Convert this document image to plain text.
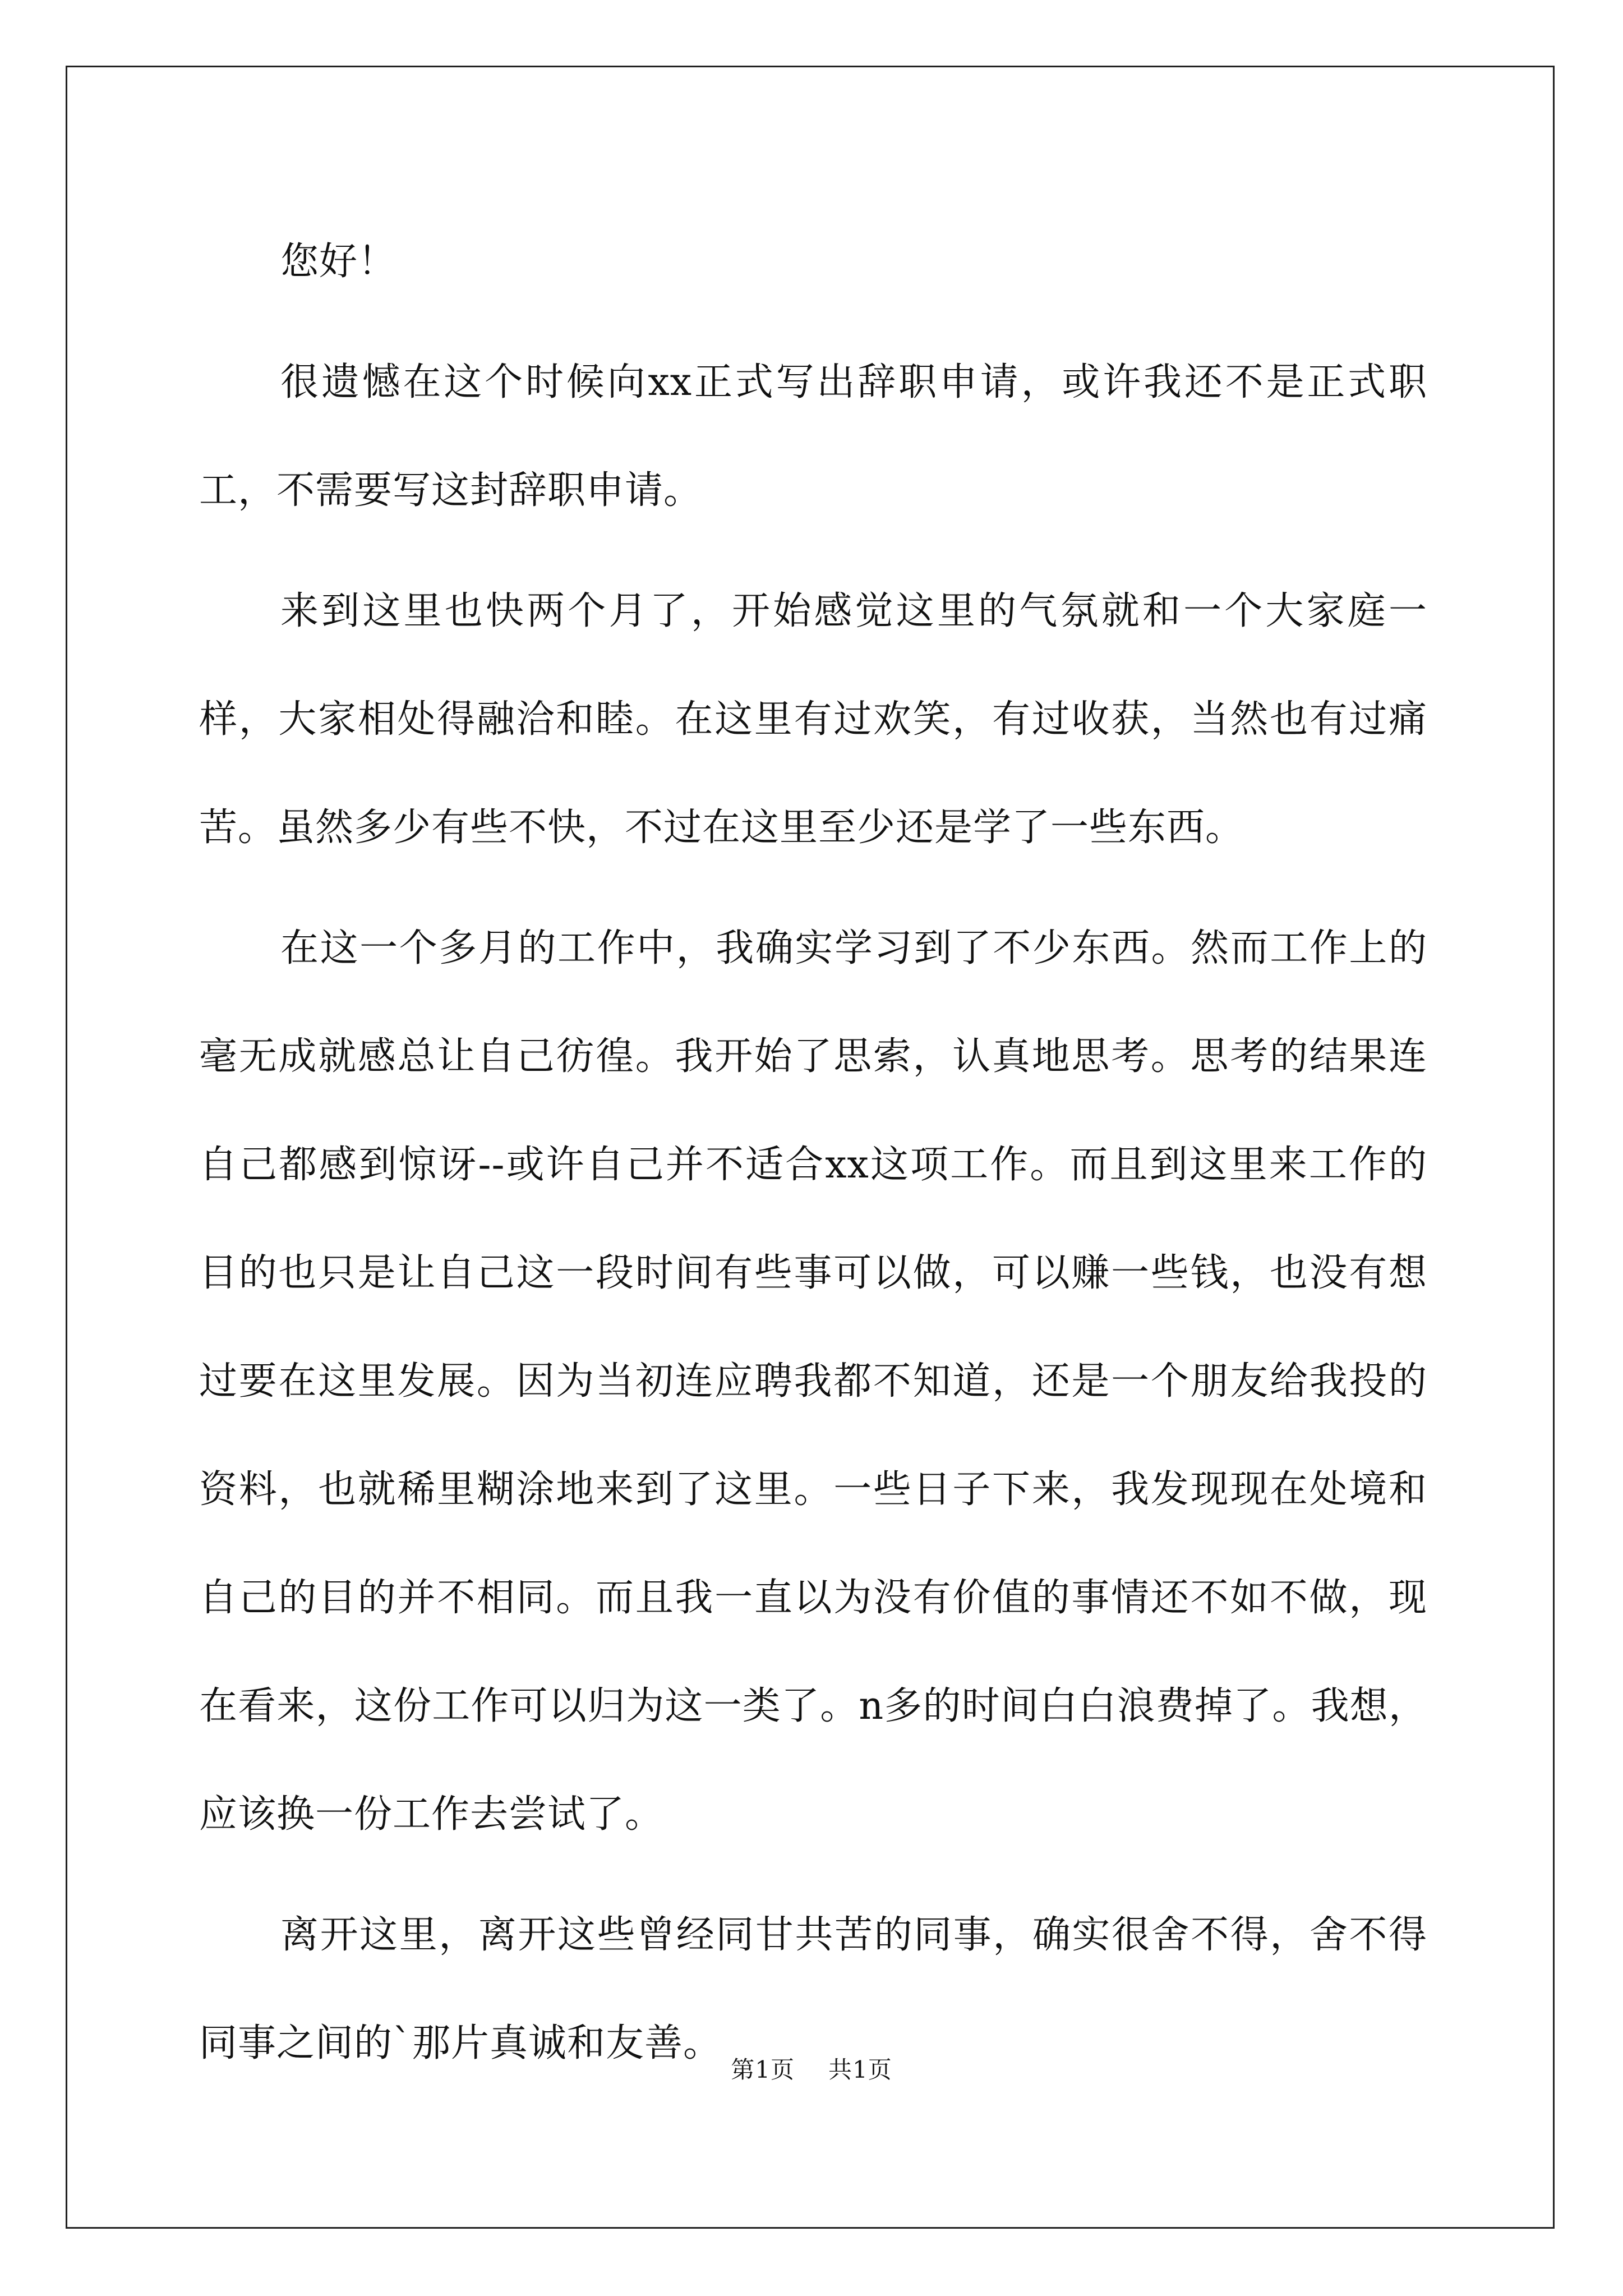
您好！

很遗憾在这个时候向xx正式写出辞职申请，或许我还不是正式职工，不需要写这封辞职申请。

来到这里也快两个月了，开始感觉这里的气氛就和一个大家庭一样，大家相处得融洽和睦。在这里有过欢笑，有过收获，当然也有过痛苦。虽然多少有些不快，不过在这里至少还是学了一些东西。

在这一个多月的工作中，我确实学习到了不少东西。然而工作上的毫无成就感总让自己彷徨。我开始了思索，认真地思考。思考的结果连自己都感到惊讶--或许自己并不适合xx这项工作。而且到这里来工作的目的也只是让自己这一段时间有些事可以做，可以赚一些钱，也没有想过要在这里发展。因为当初连应聘我都不知道，还是一个朋友给我投的资料，也就稀里糊涂地来到了这里。一些日子下来，我发现现在处境和自己的目的并不相同。而且我一直以为没有价值的事情还不如不做，现在看来，这份工作可以归为这一类了。n多的时间白白浪费掉了。我想，应该换一份工作去尝试了。

离开这里，离开这些曾经同甘共苦的同事，确实很舍不得，舍不得同事之间的`那片真诚和友善。

第1页 共1页
